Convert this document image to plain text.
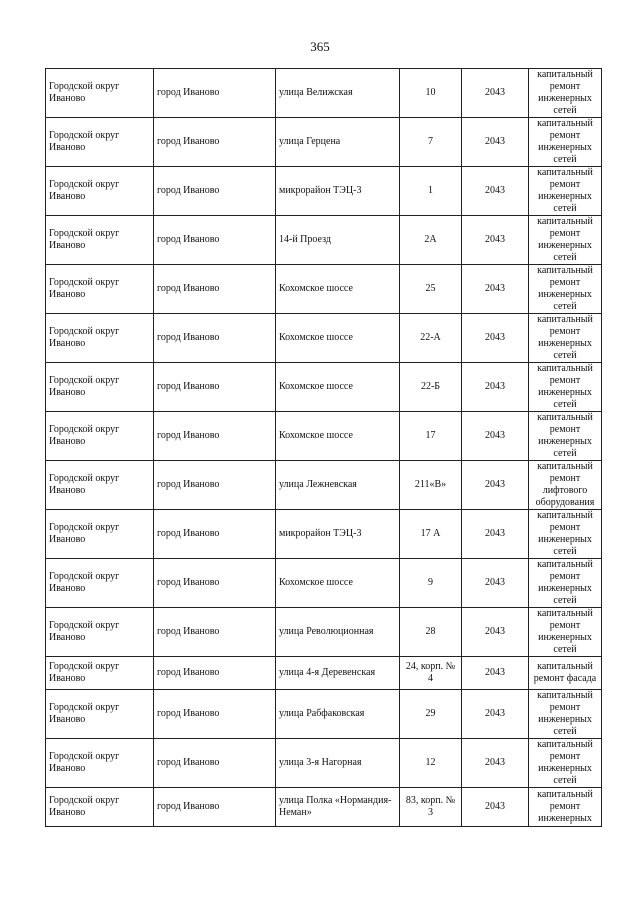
365
Городской округ Иваново	город Иваново	улица Велижская	10	2043	капитальный ремонт инженерных сетей
Городской округ Иваново	город Иваново	улица Герцена	7	2043	капитальный ремонт инженерных сетей
Городской округ Иваново	город Иваново	микрорайон ТЭЦ-3	1	2043	капитальный ремонт инженерных сетей
Городской округ Иваново	город Иваново	14-й Проезд	2А	2043	капитальный ремонт инженерных сетей
Городской округ Иваново	город Иваново	Кохомское шоссе	25	2043	капитальный ремонт инженерных сетей
Городской округ Иваново	город Иваново	Кохомское шоссе	22-А	2043	капитальный ремонт инженерных сетей
Городской округ Иваново	город Иваново	Кохомское шоссе	22-Б	2043	капитальный ремонт инженерных сетей
Городской округ Иваново	город Иваново	Кохомское шоссе	17	2043	капитальный ремонт инженерных сетей
Городской округ Иваново	город Иваново	улица Лежневская	211«В»	2043	капитальный ремонт лифтового оборудования
Городской округ Иваново	город Иваново	микрорайон ТЭЦ-3	17 А	2043	капитальный ремонт инженерных сетей
Городской округ Иваново	город Иваново	Кохомское шоссе	9	2043	капитальный ремонт инженерных сетей
Городской округ Иваново	город Иваново	улица Революционная	28	2043	капитальный ремонт инженерных сетей
Городской округ Иваново	город Иваново	улица 4-я Деревенская	24, корп. № 4	2043	капитальный ремонт фасада
Городской округ Иваново	город Иваново	улица Рабфаковская	29	2043	капитальный ремонт инженерных сетей
Городской округ Иваново	город Иваново	улица 3-я Нагорная	12	2043	капитальный ремонт инженерных сетей
Городской округ Иваново	город Иваново	улица Полка «Нормандия-Неман»	83, корп. № 3	2043	капитальный ремонт инженерных
